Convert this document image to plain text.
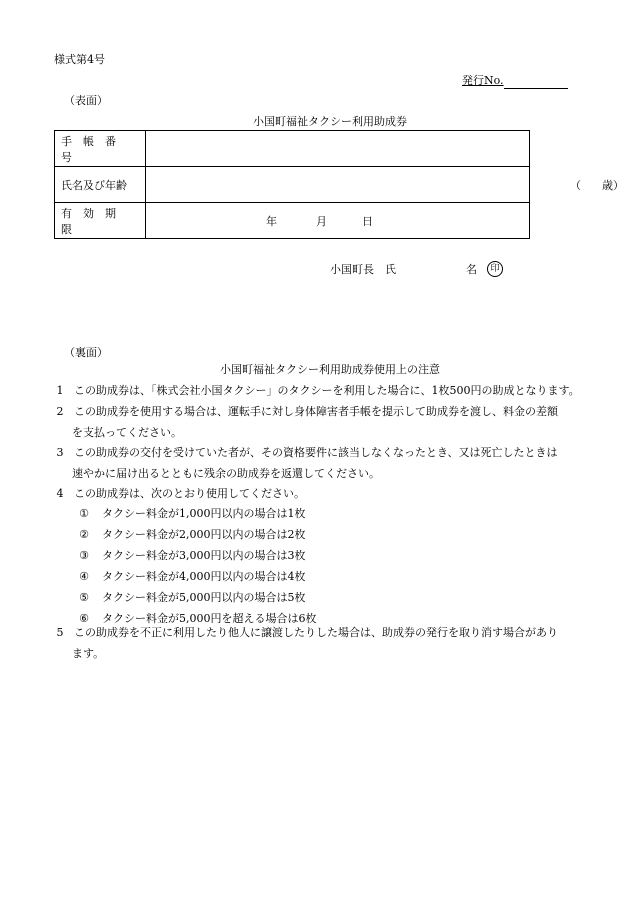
様式第4号
発行No.
（表面）
小国町福祉タクシー利用助成券
手帳番号	
氏名及び年齢	（ 歳）

有効期限	年 月 日
小国町長　氏	名	印
（裏面）
小国町福祉タクシー利用助成券使用上の注意
1 この助成券は、「株式会社小国タクシー」のタクシーを利用した場合に、1枚500円の助成となります。
2 この助成券を使用する場合は、運転手に対し身体障害者手帳を提示して助成券を渡し、料金の差額
を支払ってください。
3 この助成券の交付を受けていた者が、その資格要件に該当しなくなったとき、又は死亡したときは
速やかに届け出るとともに残余の助成券を返還してください。
4 この助成券は、次のとおり使用してください。
① タクシー料金が1,000円以内の場合は1枚
② タクシー料金が2,000円以内の場合は2枚
③ タクシー料金が3,000円以内の場合は3枚
④ タクシー料金が4,000円以内の場合は4枚
⑤ タクシー料金が5,000円以内の場合は5枚
⑥ タクシー料金が5,000円を超える場合は6枚
5 この助成券を不正に利用したり他人に譲渡したりした場合は、助成券の発行を取り消す場合があり
ます。
